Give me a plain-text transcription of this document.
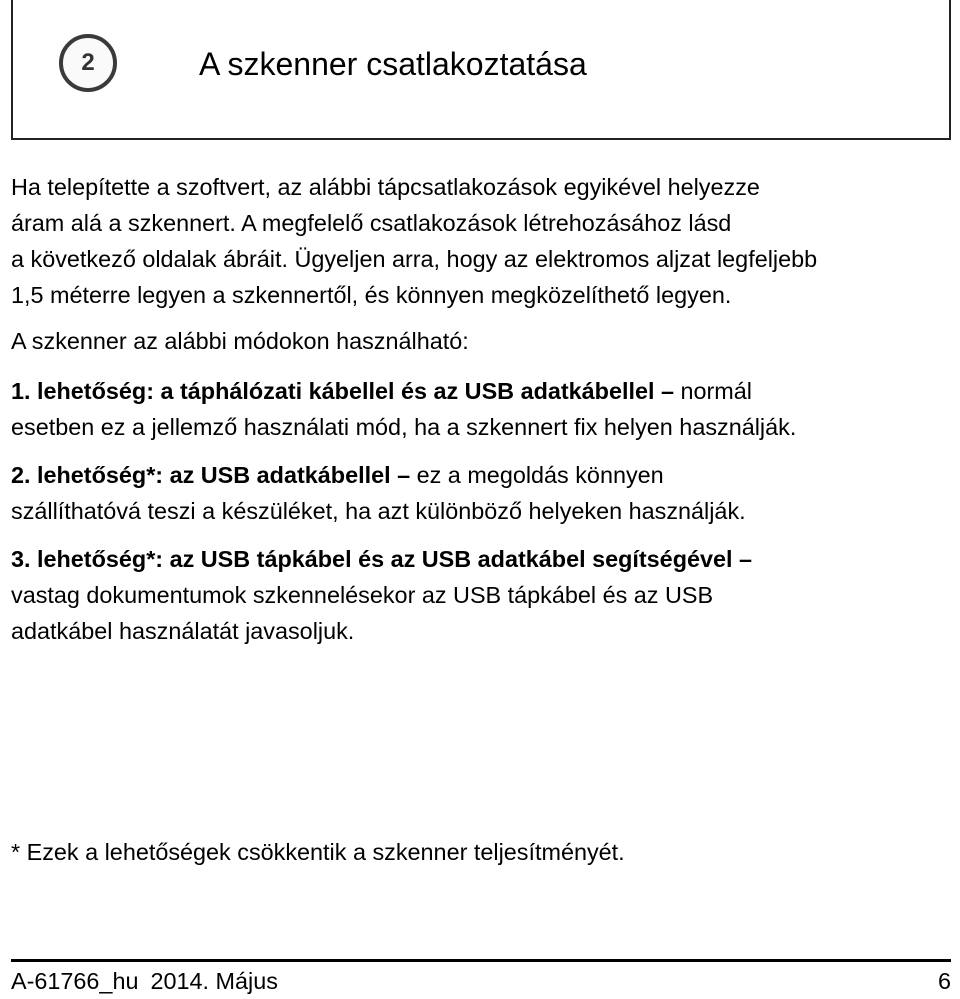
2	A szkenner csatlakoztatása

Ha telepítette a szoftvert, az alábbi tápcsatlakozások egyikével helyezze
áram alá a szkennert. A megfelelő csatlakozások létrehozásához lásd
a következő oldalak ábráit. Ügyeljen arra, hogy az elektromos aljzat legfeljebb
1,5 méterre legyen a szkennertől, és könnyen megközelíthető legyen.

A szkenner az alábbi módokon használható:

1. lehetőség: a táphálózati kábellel és az USB adatkábellel – normál
esetben ez a jellemző használati mód, ha a szkennert fix helyen használják.

2. lehetőség*: az USB adatkábellel – ez a megoldás könnyen
szállíthatóvá teszi a készüléket, ha azt különböző helyeken használják.

3. lehetőség*: az USB tápkábel és az USB adatkábel segítségével –
vastag dokumentumok szkennelésekor az USB tápkábel és az USB
adatkábel használatát javasoljuk.

* Ezek a lehetőségek csökkentik a szkenner teljesítményét.
A-61766_hu 2014. Május	6
